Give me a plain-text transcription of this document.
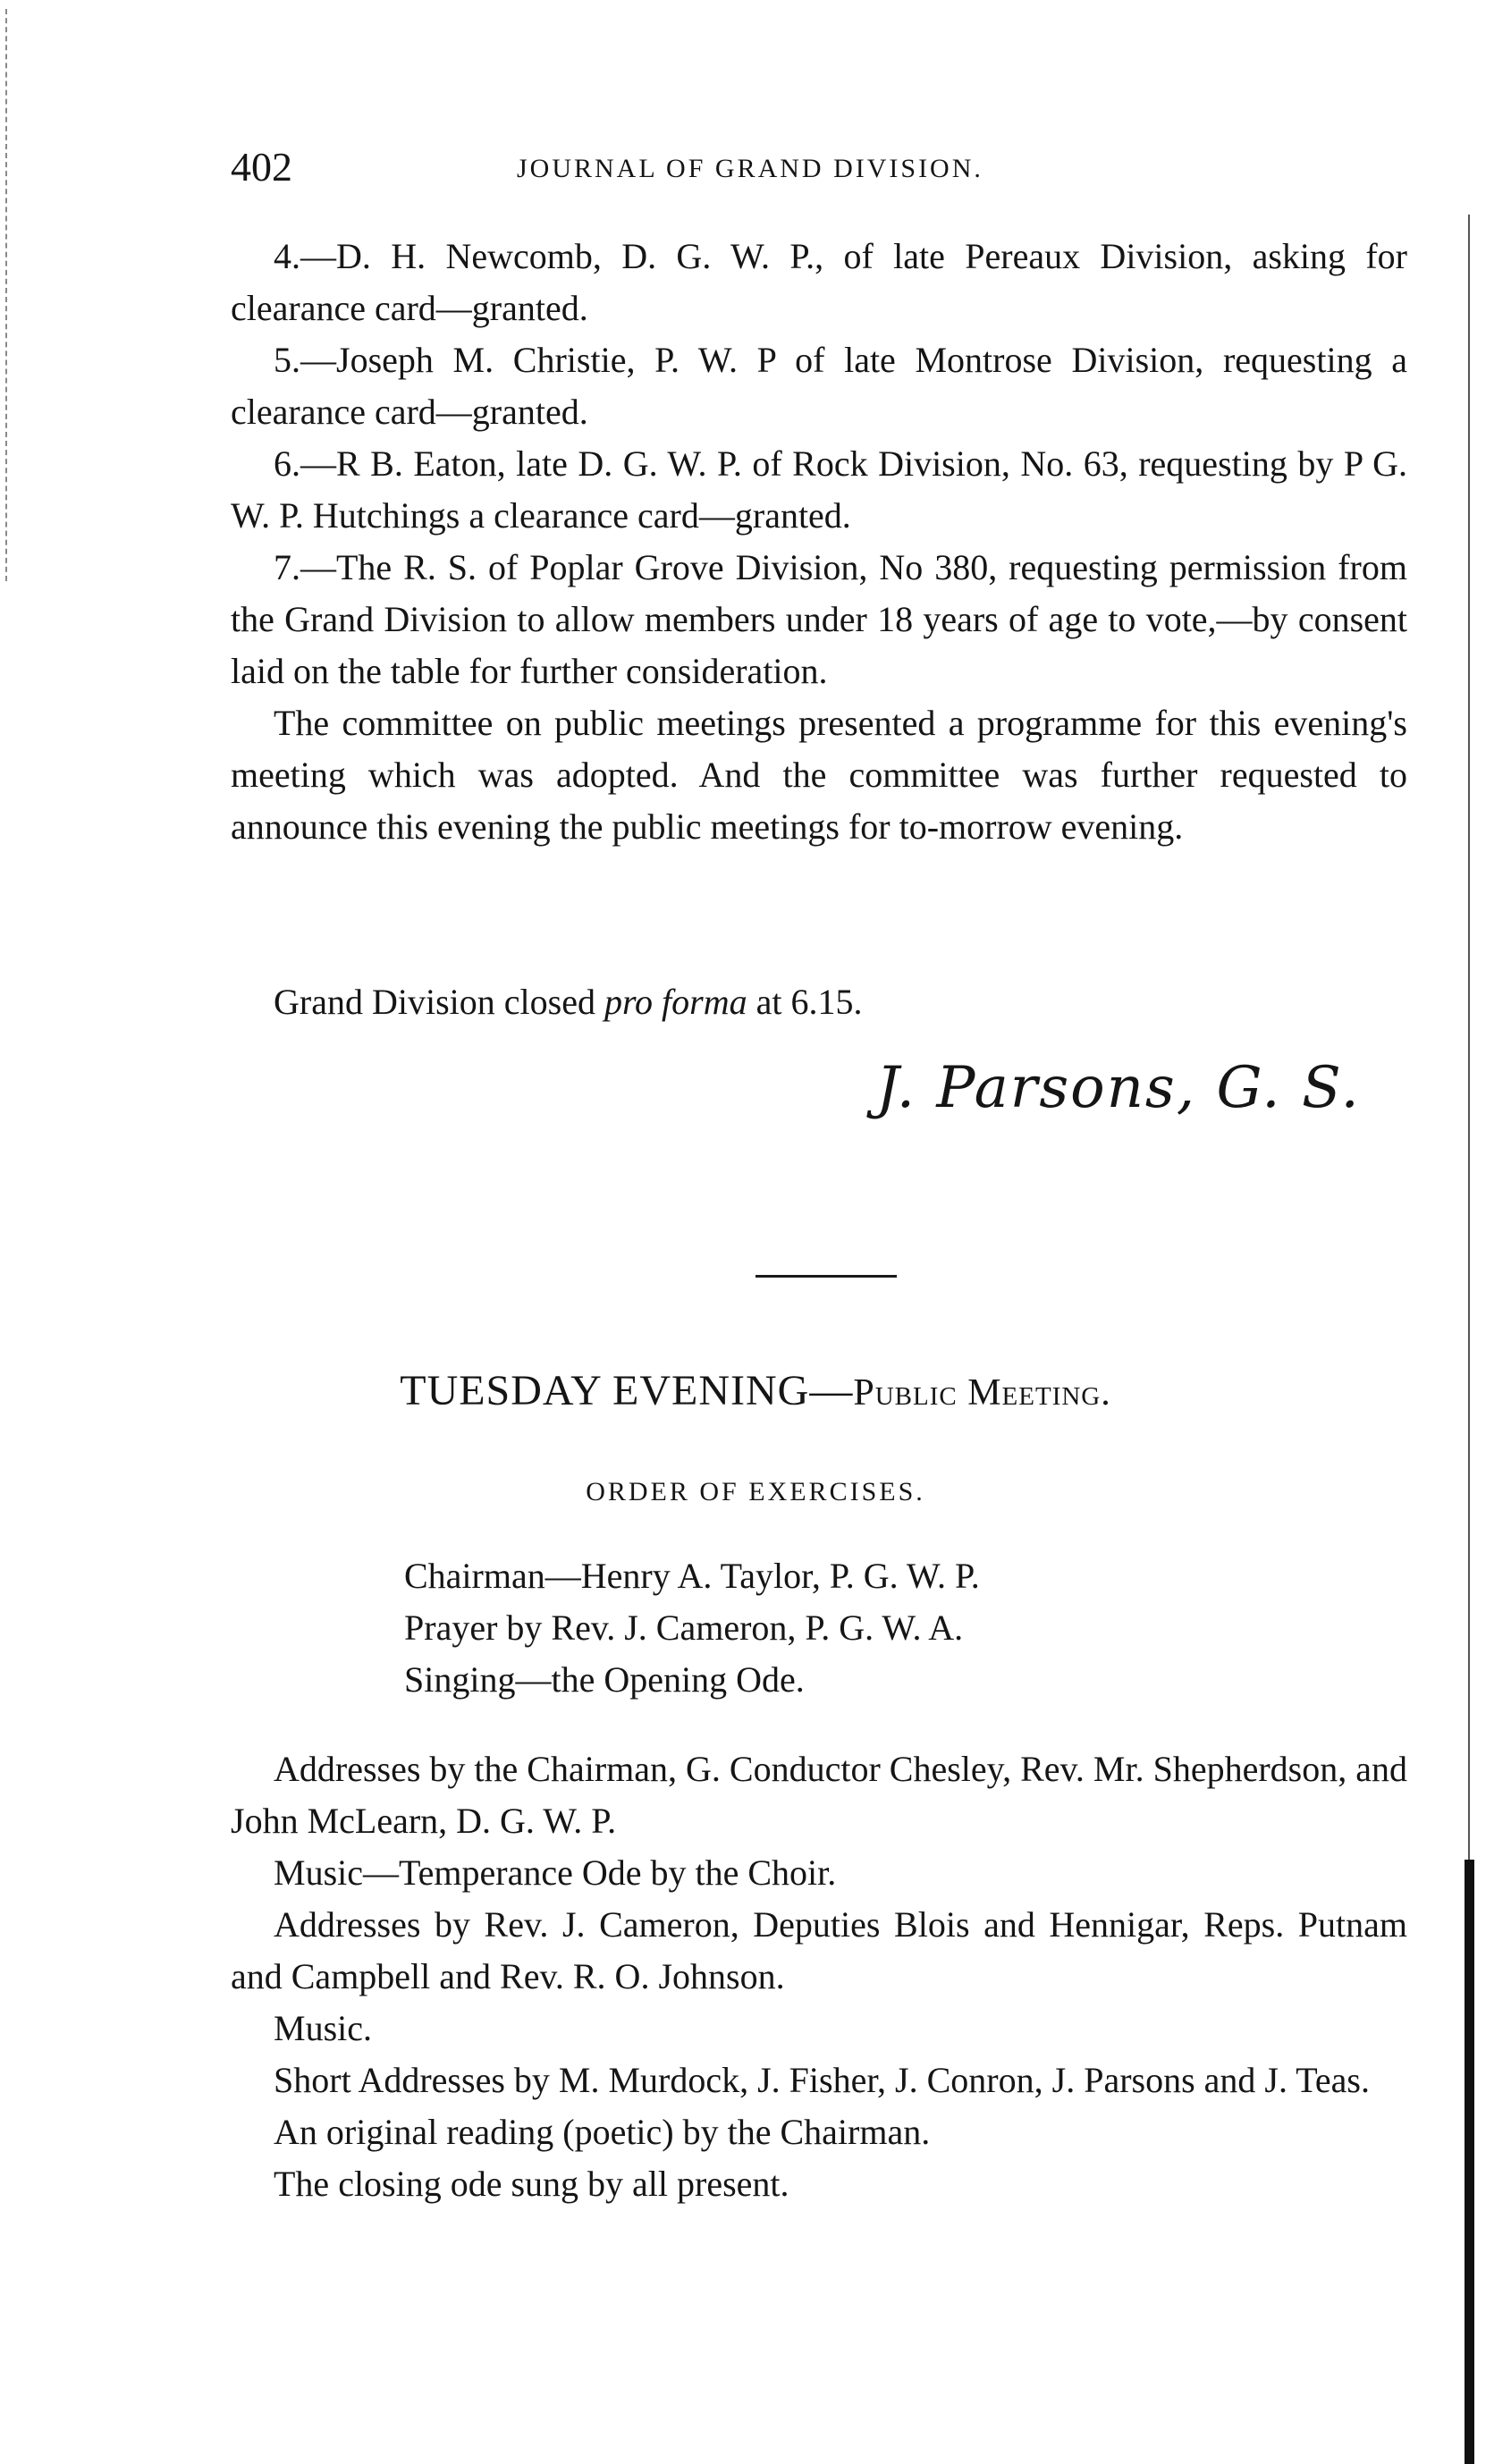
402	JOURNAL OF GRAND DIVISION.

4.—D. H. Newcomb, D. G. W. P., of late Pereaux Division, asking for clearance card—granted.

5.—Joseph M. Christie, P. W. P of late Montrose Division, requesting a clearance card—granted.

6.—R B. Eaton, late D. G. W. P. of Rock Division, No. 63, requesting by P G. W. P. Hutchings a clearance card—granted.

7.—The R. S. of Poplar Grove Division, No 380, requesting permission from the Grand Division to allow members under 18 years of age to vote,—by consent laid on the table for further consideration.

The committee on public meetings presented a programme for this evening's meeting which was adopted. And the committee was further requested to announce this evening the public meetings for to-morrow evening.

Grand Division closed pro forma at 6.15.

J. Parsons, G. S.
TUESDAY EVENING—Public Meeting.
ORDER OF EXERCISES.
Chairman—Henry A. Taylor, P. G. W. P.
Prayer by Rev. J. Cameron, P. G. W. A.
Singing—the Opening Ode.

Addresses by the Chairman, G. Conductor Chesley, Rev. Mr. Shepherdson, and John McLearn, D. G. W. P.

Music—Temperance Ode by the Choir.

Addresses by Rev. J. Cameron, Deputies Blois and Hennigar, Reps. Putnam and Campbell and Rev. R. O. Johnson.

Music.

Short Addresses by M. Murdock, J. Fisher, J. Conron, J. Parsons and J. Teas.

An original reading (poetic) by the Chairman.

The closing ode sung by all present.
